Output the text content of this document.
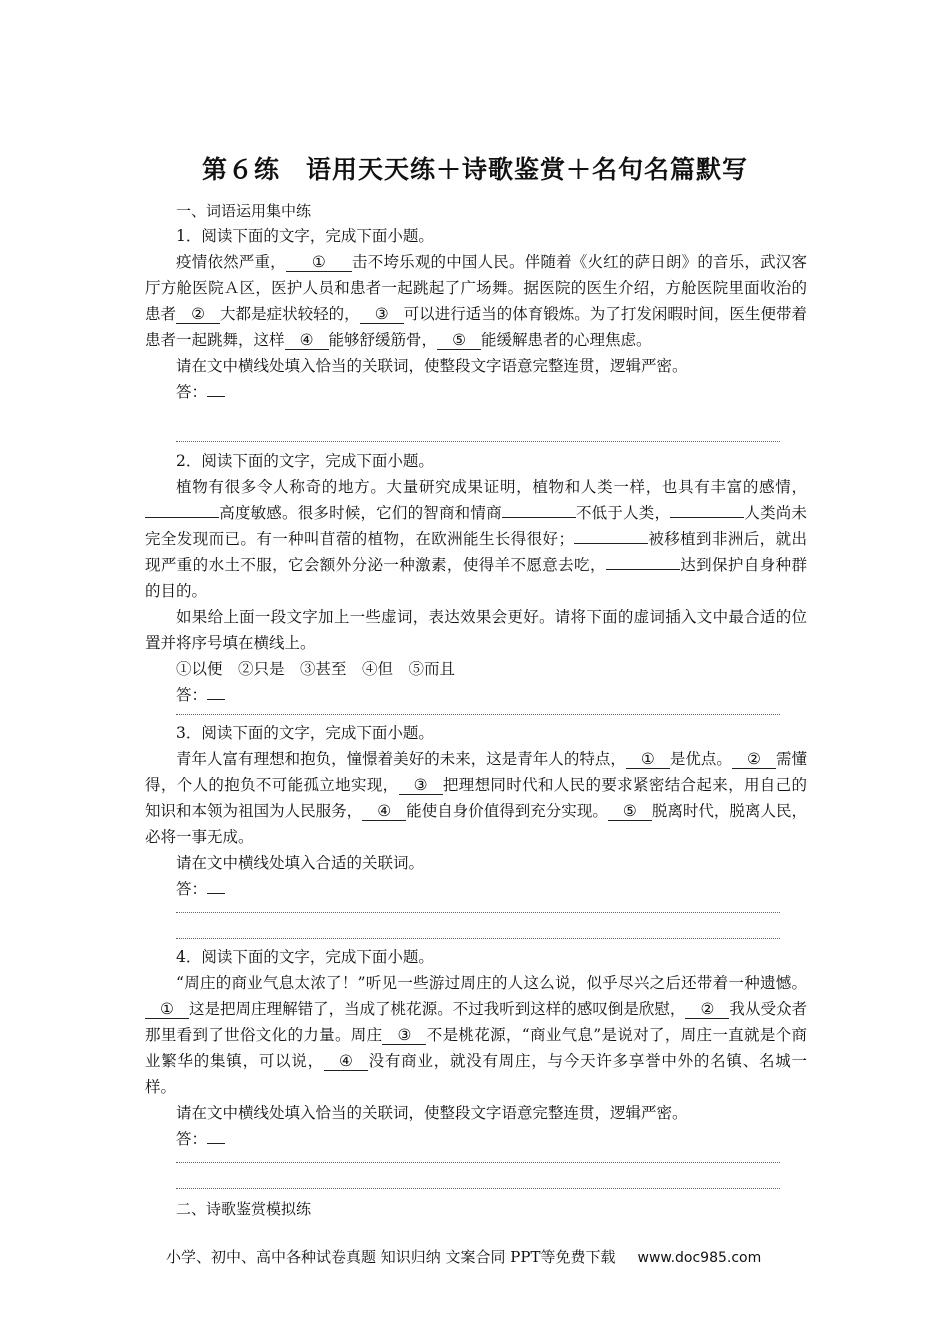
第６练 语用天天练＋诗歌鉴赏＋名句名篇默写
一、词语运用集中练

1．阅读下面的文字，完成下面小题。

疫情依然严重， ① 击不垮乐观的中国人民。伴随着《火红的萨日朗》的音乐，武汉客厅方舱医院Ａ区，医护人员和患者一起跳起了广场舞。据医院的医生介绍，方舱医院里面收治的患者 ② 大都是症状较轻的， ③ 可以进行适当的体育锻炼。为了打发闲暇时间，医生便带着患者一起跳舞，这样 ④ 能够舒缓筋骨， ⑤ 能缓解患者的心理焦虑。

请在文中横线处填入恰当的关联词，使整段文字语意完整连贯，逻辑严密。

答：

2．阅读下面的文字，完成下面小题。

植物有很多令人称奇的地方。大量研究成果证明，植物和人类一样，也具有丰富的感情，高度敏感。很多时候，它们的智商和情商	不低于人类，	人类尚未完全发现而已。有一种叫苜蓿的植物，在欧洲能生长得很好；	被移植到非洲后，就出现严重的水土不服，它会额外分泌一种激素，使得羊不愿意去吃，	达到保护自身种群的目的。

如果给上面一段文字加上一些虚词，表达效果会更好。请将下面的虚词插入文中最合适的位置并将序号填在横线上。

①以便　②只是　③甚至　④但　⑤而且

答：

3．阅读下面的文字，完成下面小题。

青年人富有理想和抱负，憧憬着美好的未来，这是青年人的特点， ① 是优点。 ② 需懂得，个人的抱负不可能孤立地实现， ③ 把理想同时代和人民的要求紧密结合起来，用自己的知识和本领为祖国为人民服务， ④ 能使自身价值得到充分实现。 ⑤ 脱离时代，脱离人民，必将一事无成。

请在文中横线处填入合适的关联词。

答：

4．阅读下面的文字，完成下面小题。

“周庄的商业气息太浓了！”听见一些游过周庄的人这么说，似乎尽兴之后还带着一种遗憾。① 这是把周庄理解错了，当成了桃花源。不过我听到这样的感叹倒是欣慰， ② 我从受众者那里看到了世俗文化的力量。周庄 ③ 不是桃花源，“商业气息”是说对了，周庄一直就是个商业繁华的集镇，可以说， ④ 没有商业，就没有周庄，与今天许多享誉中外的名镇、名城一样。

请在文中横线处填入恰当的关联词，使整段文字语意完整连贯，逻辑严密。

答：

二、诗歌鉴赏模拟练
小学、初中、高中各种试卷真题 知识归纳 文案合同 PPT等免费下载 www.doc985.com
